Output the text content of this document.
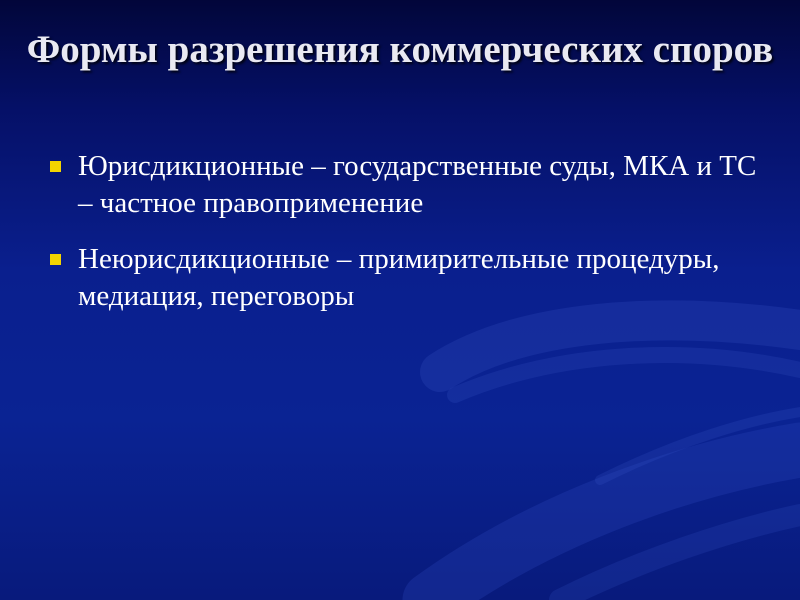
Формы разрешения коммерческих споров
Юрисдикционные – государственные суды, МКА и ТС – частное правоприменение
Неюрисдикционные – примирительные процедуры, медиация, переговоры
